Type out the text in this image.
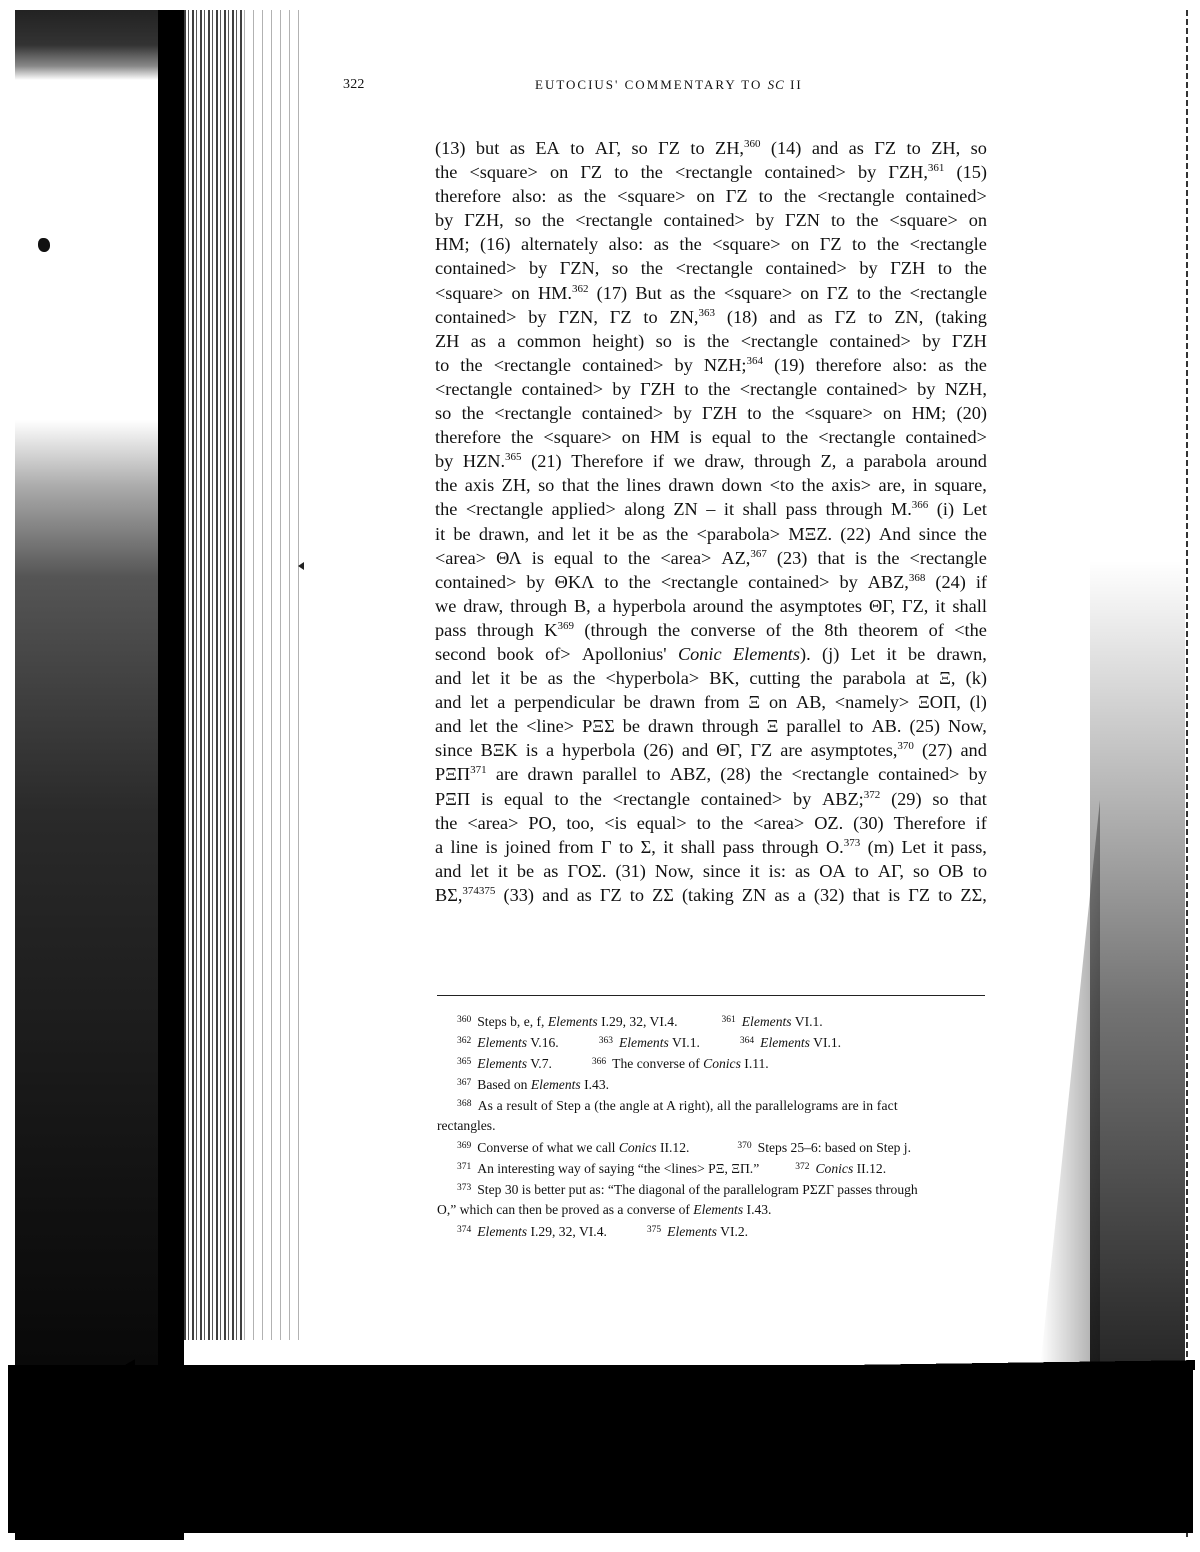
322	EUTOCIUS' COMMENTARY TO SC II
(13) but as EA to ΑΓ, so ΓZ to ZH,$^{360}$ (14) and as ΓZ to ZH, so
the <square> on ΓZ to the <rectangle contained> by ΓZH,$^{361}$ (15)
therefore also: as the <square> on ΓZ to the <rectangle contained>
by ΓZH, so the <rectangle contained> by ΓZN to the <square> on
HM; (16) alternately also: as the <square> on ΓZ to the <rectangle
contained> by ΓZN, so the <rectangle contained> by ΓZH to the
<square> on HM.$^{362}$ (17) But as the <square> on ΓZ to the <rectangle
contained> by ΓZN, ΓZ to ZN,$^{363}$ (18) and as ΓZ to ZN, (taking
ZH as a common height) so is the <rectangle contained> by ΓZH
to the <rectangle contained> by NZH;$^{364}$ (19) therefore also: as the
<rectangle contained> by ΓZH to the <rectangle contained> by NZH,
so the <rectangle contained> by ΓZH to the <square> on HM; (20)
therefore the <square> on HM is equal to the <rectangle contained>
by HZN.$^{365}$ (21) Therefore if we draw, through Z, a parabola around
the axis ZH, so that the lines drawn down <to the axis> are, in square,
the <rectangle applied> along ZN – it shall pass through M.$^{366}$ (i) Let
it be drawn, and let it be as the <parabola> MΞZ. (22) And since the
<area> ΘΛ is equal to the <area> AZ,$^{367}$ (23) that is the <rectangle
contained> by ΘΚΛ to the <rectangle contained> by ABZ,$^{368}$ (24) if
we draw, through B, a hyperbola around the asymptotes ΘΓ, ΓZ, it shall
pass through $K^{369}$ (through the converse of the 8th theorem of <the
second book of> Apollonius' Conic Elements). (j) Let it be drawn,
and let it be as the <hyperbola> BK, cutting the parabola at Ξ, (k)
and let a perpendicular be drawn from Ξ on AB, <namely> ΞΟΠ, (l)
and let the <line> ΡΞΣ be drawn through Ξ parallel to AB. (25) Now,
since BΞK is a hyperbola (26) and ΘΓ, ΓZ are asymptotes,$^{370}$ (27) and
ΡΞΠ$^{371}$ are drawn parallel to ABZ, (28) the <rectangle contained> by
ΡΞΠ is equal to the <rectangle contained> by ABZ;$^{372}$ (29) so that
the <area> PO, too, <is equal> to the <area> OZ. (30) Therefore if
a line is joined from Γ to Σ, it shall pass through O.$^{373}$ (m) Let it pass,
and let it be as ΓΟΣ. (31) Now, since it is: as OA to ΑΓ, so OB to
BΣ,$^{374375}$ (33) and as ΓZ to ZΣ (taking ZN as a (32) that is ΓZ to ZΣ,
$^{360}$ Steps b, e, f, Elements I.29, 32, VI.4.	$^{361}$ Elements VI.1.
$^{362}$ Elements V.16.	$^{363}$ Elements VI.1.	$^{364}$ Elements VI.1.
$^{365}$ Elements V.7.	$^{366}$ The converse of Conics I.11.
$^{367}$ Based on Elements I.43.
$^{368}$ As a result of Step a (the angle at A right), all the parallelograms are in fact
rectangles.
$^{369}$ Converse of what we call Conics II.12.	$^{370}$ Steps 25–6: based on Step j.
$^{371}$ An interesting way of saying “the <lines> ΡΞ, ΞΠ.”	$^{372}$ Conics II.12.
$^{373}$ Step 30 is better put as: “The diagonal of the parallelogram ΡΣZΓ passes through
O,” which can then be proved as a converse of Elements I.43.
$^{374}$ Elements I.29, 32, VI.4.	$^{375}$ Elements VI.2.
